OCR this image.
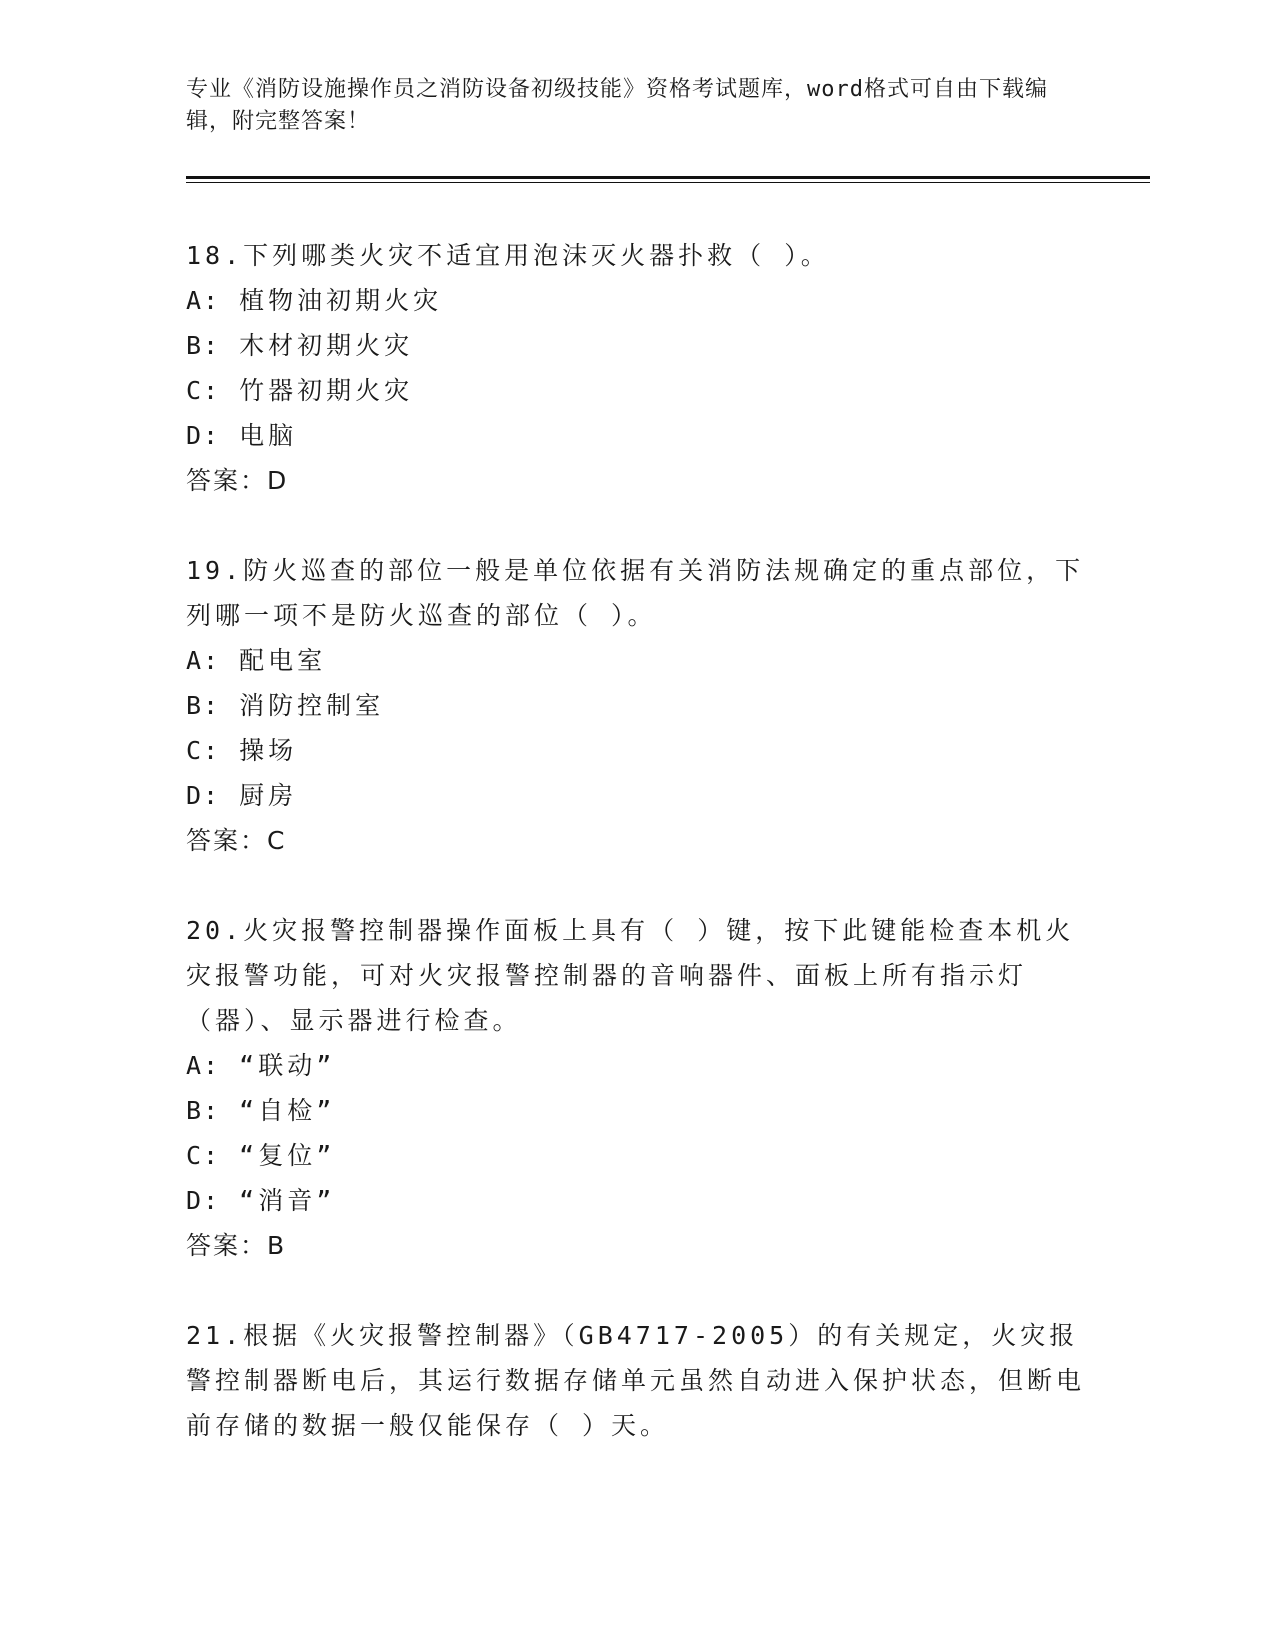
专业《消防设施操作员之消防设备初级技能》资格考试题库，word格式可自由下载编辑，附完整答案！
18.下列哪类火灾不适宜用泡沫灭火器扑救（ ）。
A: 植物油初期火灾
B: 木材初期火灾
C: 竹器初期火灾
D: 电脑
答案：D
19.防火巡查的部位一般是单位依据有关消防法规确定的重点部位，下列哪一项不是防火巡查的部位（ ）。
A: 配电室
B: 消防控制室
C: 操场
D: 厨房
答案：C
20.火灾报警控制器操作面板上具有（ ）键，按下此键能检查本机火灾报警功能，可对火灾报警控制器的音响器件、面板上所有指示灯（器）、显示器进行检查。
A: “联动”
B: “自检”
C: “复位”
D: “消音”
答案：B
21.根据《火灾报警控制器》（GB4717-2005）的有关规定，火灾报警控制器断电后，其运行数据存储单元虽然自动进入保护状态，但断电前存储的数据一般仅能保存（ ）天。
